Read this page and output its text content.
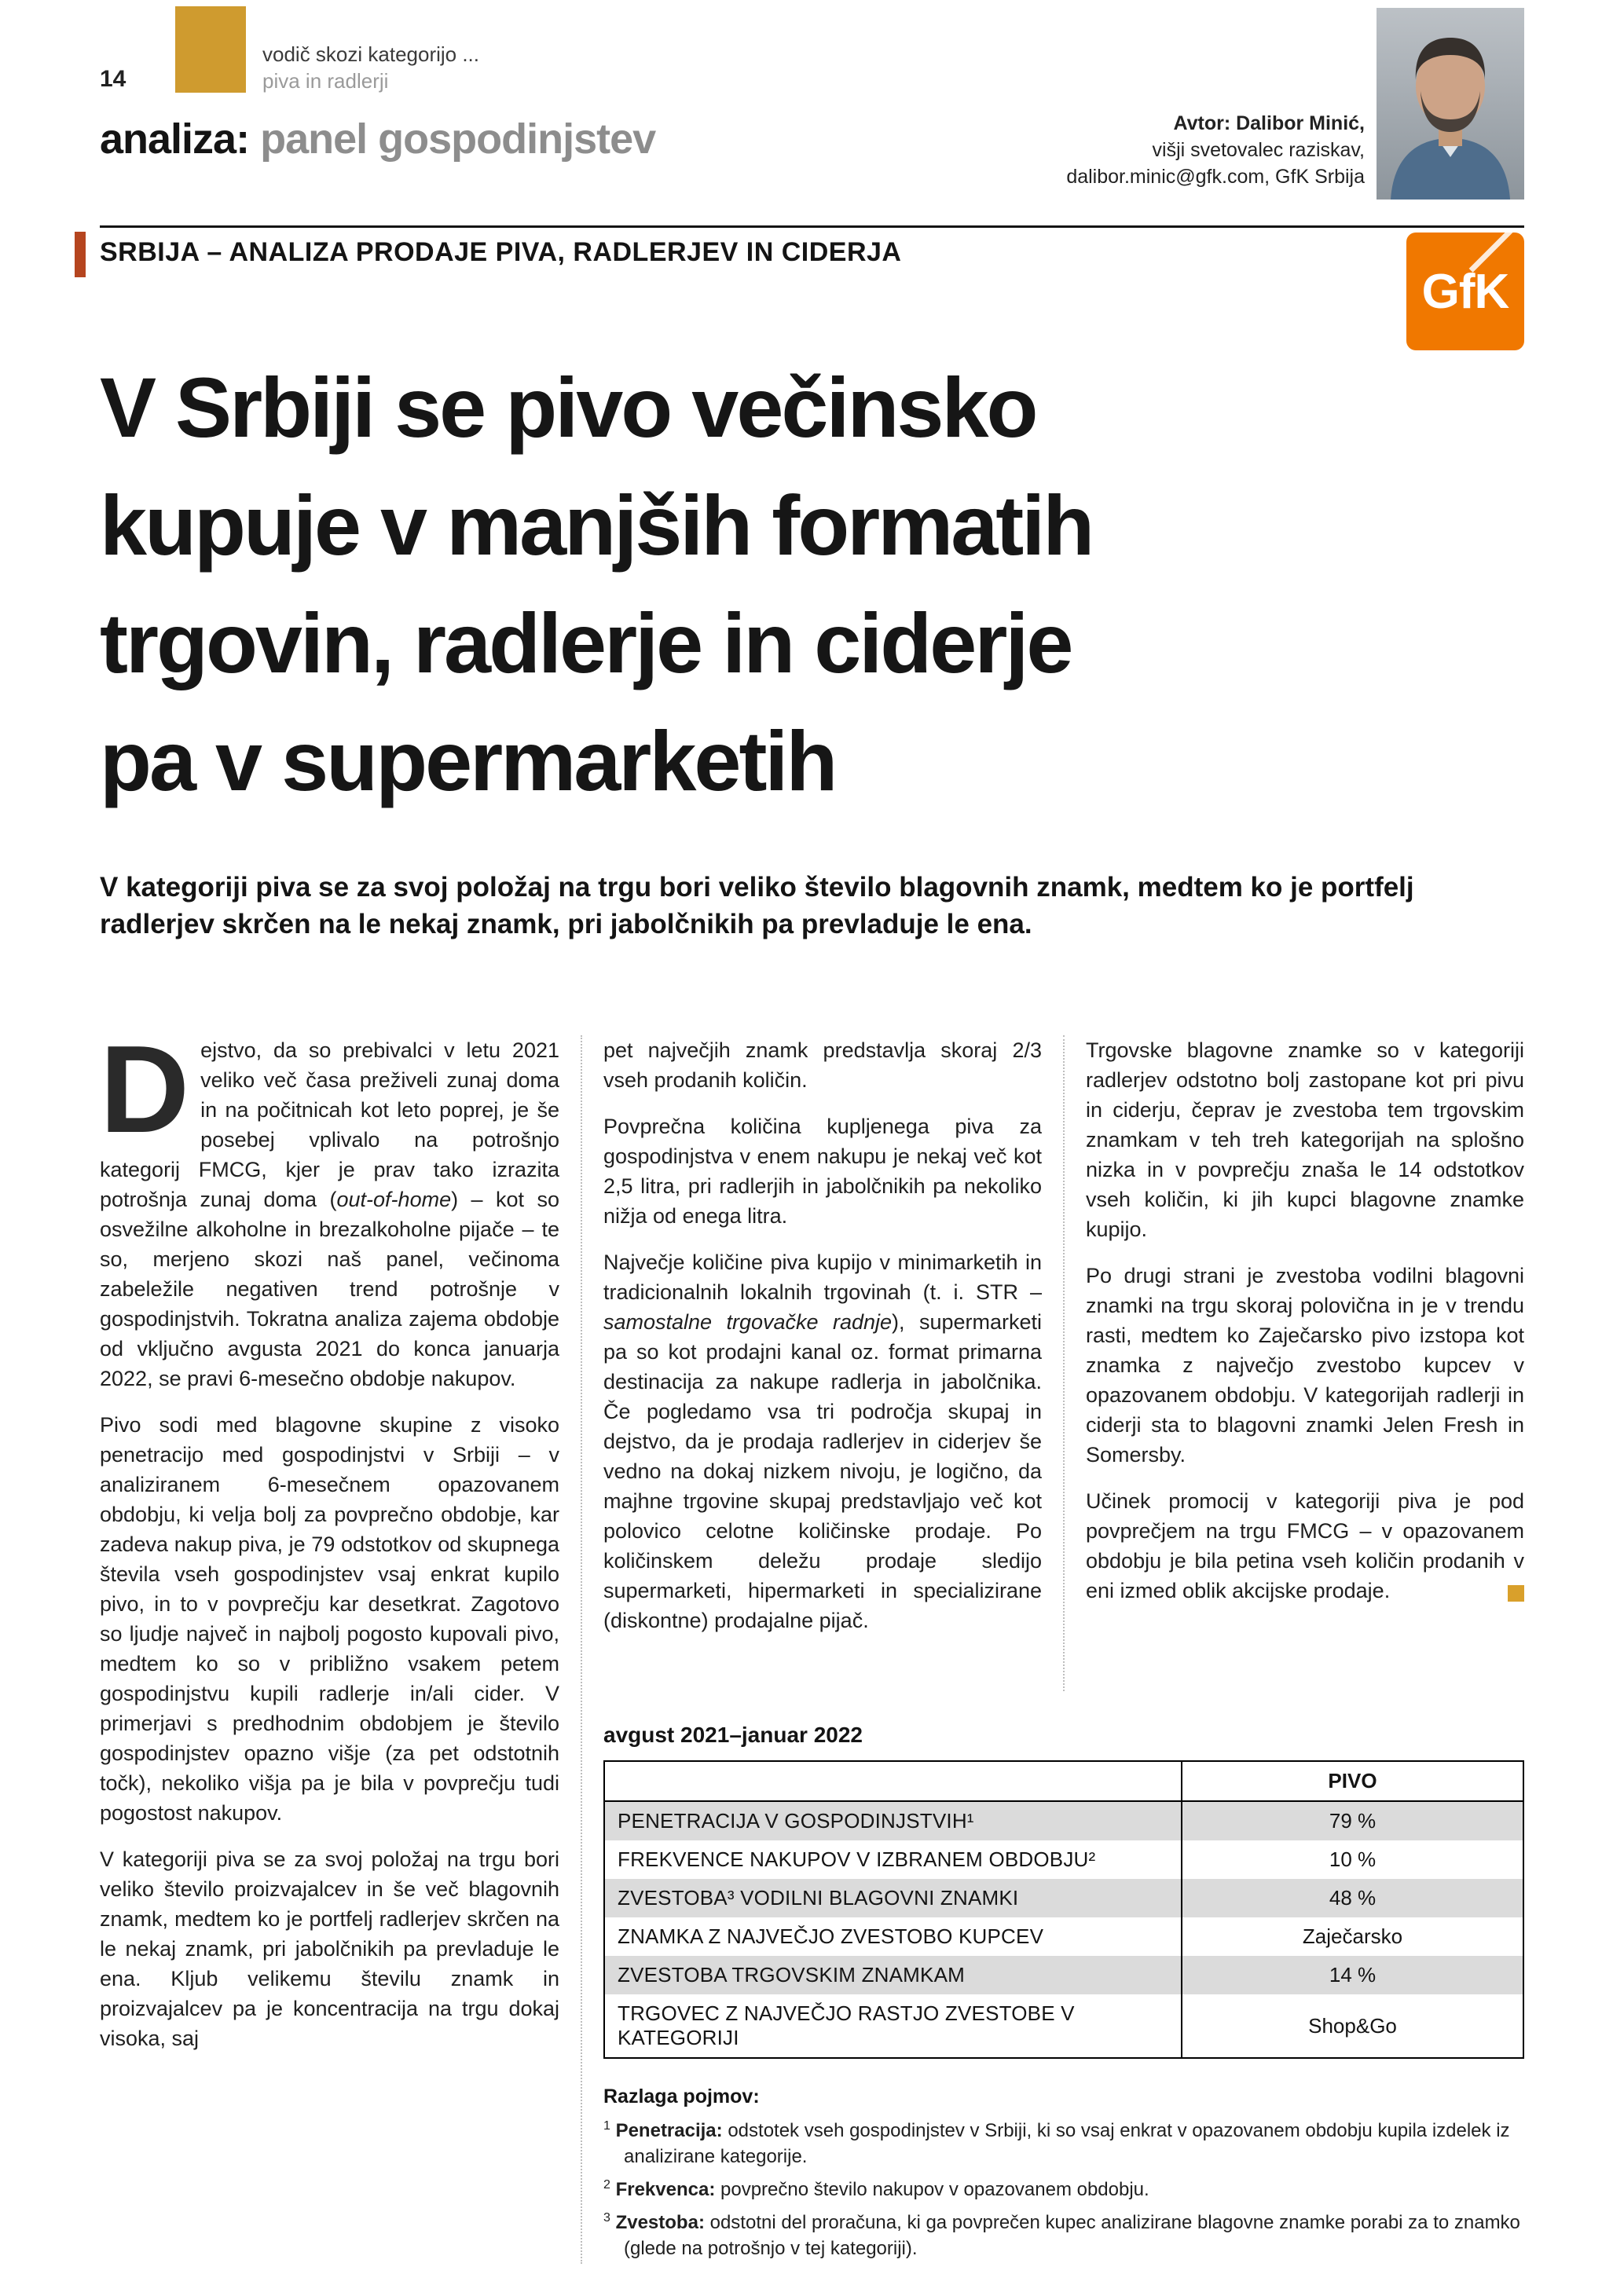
14
vodič skozi kategorijo ...
piva in radlerji
analiza: panel gospodinjstev	Avtor: Dalibor Minić,
višji svetovalec raziskav,
dalibor.minic@gfk.com, GfK Srbija
SRBIJA – ANALIZA PRODAJE PIVA, RADLERJEV IN CIDERJA
GfK
V Srbiji se pivo večinsko
kupuje v manjših formatih
trgovin, radlerje in ciderje
pa v supermarketih

V kategoriji piva se za svoj položaj na trgu bori veliko število blagovnih znamk, medtem ko je portfelj radlerjev skrčen na le nekaj znamk, pri jabolčnikih pa prevladuje le ena.

Dejstvo, da so prebivalci v letu 2021 veliko več časa preživeli zunaj doma in na počitnicah kot leto poprej, je še posebej vplivalo na potrošnjo kategorij FMCG, kjer je prav tako izrazita potrošnja zunaj doma (out-of-home) – kot so osvežilne alkoholne in brezalkoholne pijače – te so, merjeno skozi naš panel, večinoma zabeležile negativen trend potrošnje v gospodinjstvih. Tokratna analiza zajema obdobje od vključno avgusta 2021 do konca januarja 2022, se pravi 6-mesečno obdobje nakupov.

Pivo sodi med blagovne skupine z visoko penetracijo med gospodinjstvi v Srbiji – v analiziranem 6-mesečnem opazovanem obdobju, ki velja bolj za povprečno obdobje, kar zadeva nakup piva, je 79 odstotkov od skupnega števila vseh gospodinjstev vsaj enkrat kupilo pivo, in to v povprečju kar desetkrat. Zagotovo so ljudje največ in najbolj pogosto kupovali pivo, medtem ko so v približno vsakem petem gospodinjstvu kupili radlerje in/ali cider. V primerjavi s predhodnim obdobjem je število gospodinjstev opazno višje (za pet odstotnih točk), nekoliko višja pa je bila v povprečju tudi pogostost nakupov.

V kategoriji piva se za svoj položaj na trgu bori veliko število proizvajalcev in še več blagovnih znamk, medtem ko je portfelj radlerjev skrčen na le nekaj znamk, pri jabolčnikih pa prevladuje le ena. Kljub velikemu številu znamk in proizvajalcev pa je koncentracija na trgu dokaj visoka, saj

pet največjih znamk predstavlja skoraj 2/3 vseh prodanih količin.

Povprečna količina kupljenega piva za gospodinjstva v enem nakupu je nekaj več kot 2,5 litra, pri radlerjih in jabolčnikih pa nekoliko nižja od enega litra.

Največje količine piva kupijo v minimarketih in tradicionalnih lokalnih trgovinah (t. i. STR – samostalne trgovačke radnje), supermarketi pa so kot prodajni kanal oz. format primarna destinacija za nakupe radlerja in jabolčnika. Če pogledamo vsa tri področja skupaj in dejstvo, da je prodaja radlerjev in ciderjev še vedno na dokaj nizkem nivoju, je logično, da majhne trgovine skupaj predstavljajo več kot polovico celotne količinske prodaje. Po količinskem deležu prodaje sledijo supermarketi, hipermarketi in specializirane (diskontne) prodajalne pijač.

Trgovske blagovne znamke so v kategoriji radlerjev odstotno bolj zastopane kot pri pivu in ciderju, čeprav je zvestoba tem trgovskim znamkam v teh treh kategorijah na splošno nizka in v povprečju znaša le 14 odstotkov vseh količin, ki jih kupci blagovne znamke kupijo.

Po drugi strani je zvestoba vodilni blagovni znamki na trgu skoraj polovična in je v trendu rasti, medtem ko Zaječarsko pivo izstopa kot znamka z največjo zvestobo kupcev v opazovanem obdobju. V kategorijah radlerji in ciderji sta to blagovni znamki Jelen Fresh in Somersby.

Učinek promocij v kategoriji piva je pod povprečjem na trgu FMCG – v opazovanem obdobju je bila petina vseh količin prodanih v eni izmed oblik akcijske prodaje.

avgust 2021–januar 2022
	PIVO
PENETRACIJA V GOSPODINJSTVIH¹	79 %
FREKVENCE NAKUPOV V IZBRANEM OBDOBJU²	10 %
ZVESTOBA³ VODILNI BLAGOVNI ZNAMKI	48 %
ZNAMKA Z NAJVEČJO ZVESTOBO KUPCEV	Zaječarsko
ZVESTOBA TRGOVSKIM ZNAMKAM	14 %
TRGOVEC Z NAJVEČJO RASTJO ZVESTOBE V KATEGORIJI	Shop&Go
Razlaga pojmov:
$^1$ Penetracija: odstotek vseh gospodinjstev v Srbiji, ki so vsaj enkrat v opazovanem obdobju kupila izdelek iz analizirane kategorije.
$^2$ Frekvenca: povprečno število nakupov v opazovanem obdobju.
$^3$ Zvestoba: odstotni del proračuna, ki ga povprečen kupec analizirane blagovne znamke porabi za to znamko (glede na potrošnjo v tej kategoriji).
